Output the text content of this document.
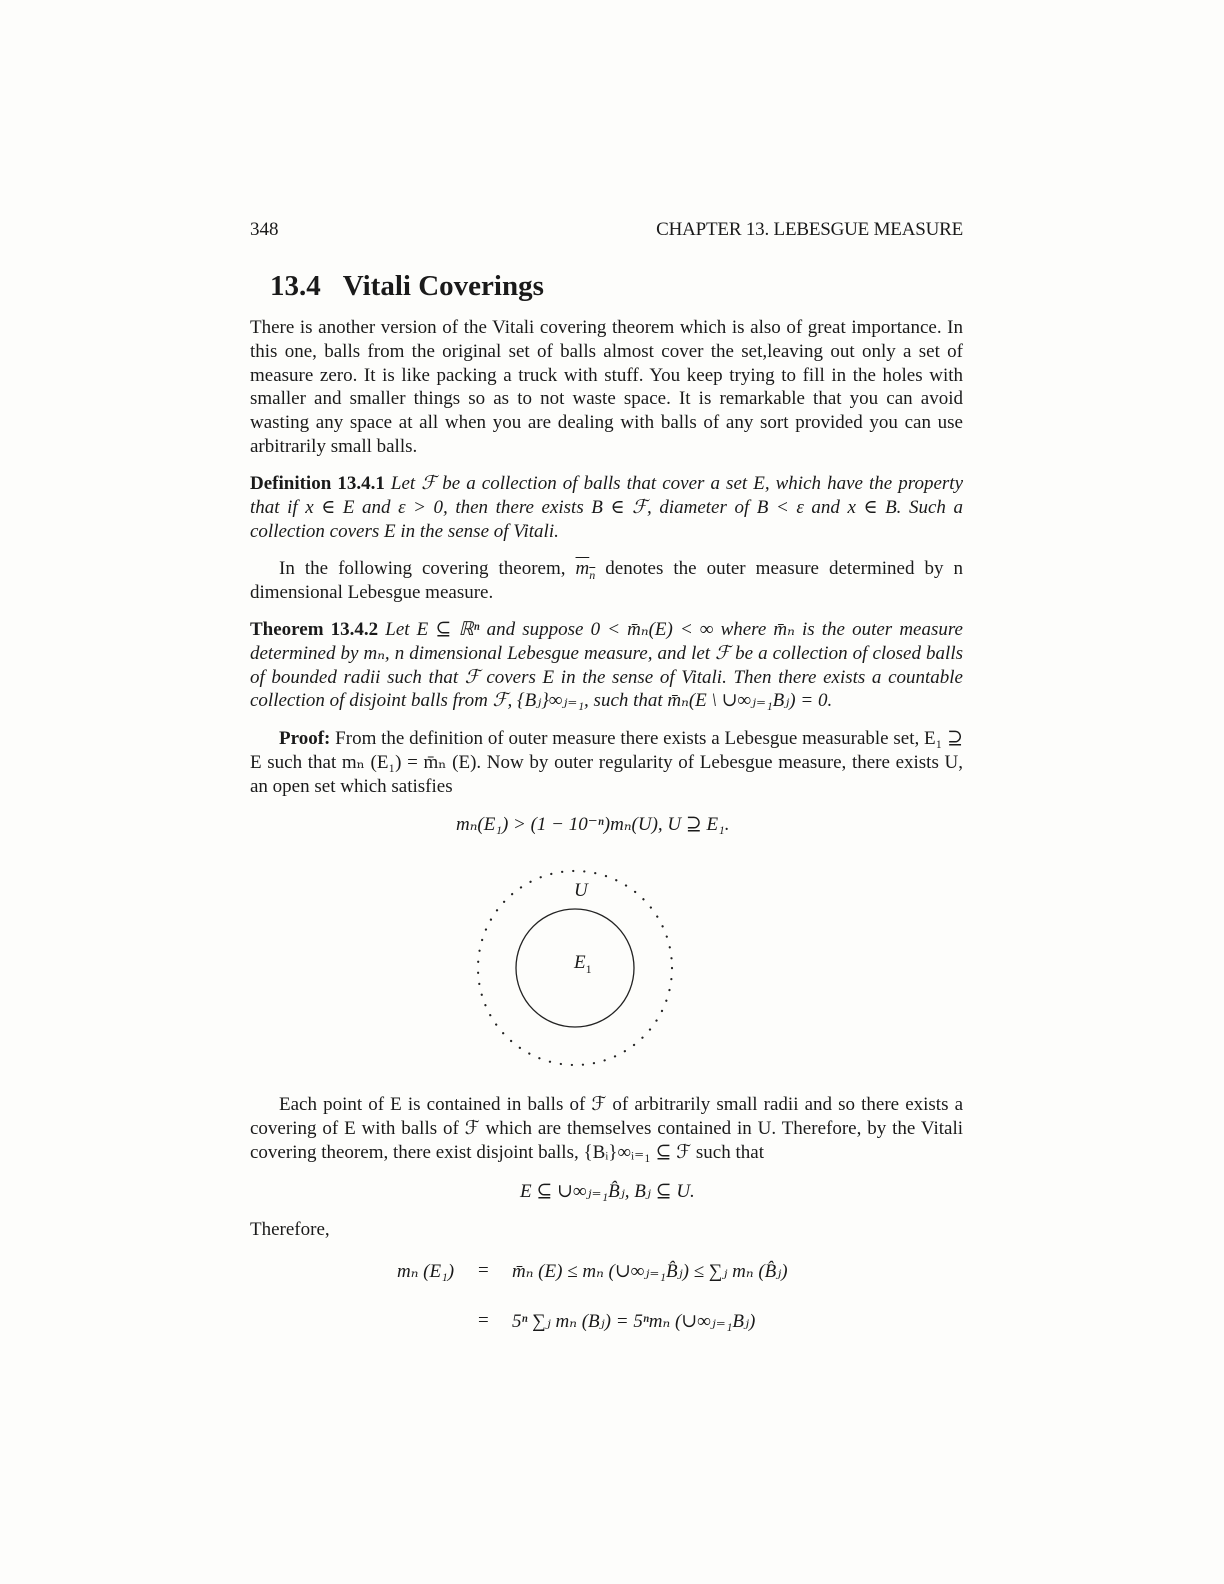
348	CHAPTER 13. LEBESGUE MEASURE
13.4 Vitali Coverings
There is another version of the Vitali covering theorem which is also of great importance. In this one, balls from the original set of balls almost cover the set,leaving out only a set of measure zero. It is like packing a truck with stuff. You keep trying to fill in the holes with smaller and smaller things so as to not waste space. It is remarkable that you can avoid wasting any space at all when you are dealing with balls of any sort provided you can use arbitrarily small balls.
Definition 13.4.1 Let ℱ be a collection of balls that cover a set E, which have the property that if x ∈ E and ε > 0, then there exists B ∈ ℱ, diameter of B < ε and x ∈ B. Such a collection covers E in the sense of Vitali.
In the following covering theorem, $m_n$ denotes the outer measure determined by n dimensional Lebesgue measure.
Theorem 13.4.2 Let E ⊆ ℝⁿ and suppose 0 < m̄ₙ(E) < ∞ where m̄ₙ is the outer measure determined by mₙ, n dimensional Lebesgue measure, and let ℱ be a collection of closed balls of bounded radii such that ℱ covers E in the sense of Vitali. Then there exists a countable collection of disjoint balls from ℱ, {Bⱼ}∞ⱼ₌₁, such that m̄ₙ(E \ ∪∞ⱼ₌₁Bⱼ) = 0.
Proof: From the definition of outer measure there exists a Lebesgue measurable set, E₁ ⊇ E such that mₙ (E₁) = m̄ₙ (E). Now by outer regularity of Lebesgue measure, there exists U, an open set which satisfies
mₙ(E₁) > (1 − 10⁻ⁿ)mₙ(U), U ⊇ E₁.
U
$E_1$
Each point of E is contained in balls of ℱ of arbitrarily small radii and so there exists a covering of E with balls of ℱ which are themselves contained in U. Therefore, by the Vitali covering theorem, there exist disjoint balls, {Bᵢ}∞ᵢ₌₁ ⊆ ℱ such that
E ⊆ ∪∞ⱼ₌₁B̂ⱼ, Bⱼ ⊆ U.
Therefore,
mₙ (E₁) = m̄ₙ (E) ≤ mₙ (∪∞ⱼ₌₁B̂ⱼ) ≤ ∑ⱼ mₙ (B̂ⱼ)
= 5ⁿ ∑ⱼ mₙ (Bⱼ) = 5ⁿmₙ (∪∞ⱼ₌₁Bⱼ)
